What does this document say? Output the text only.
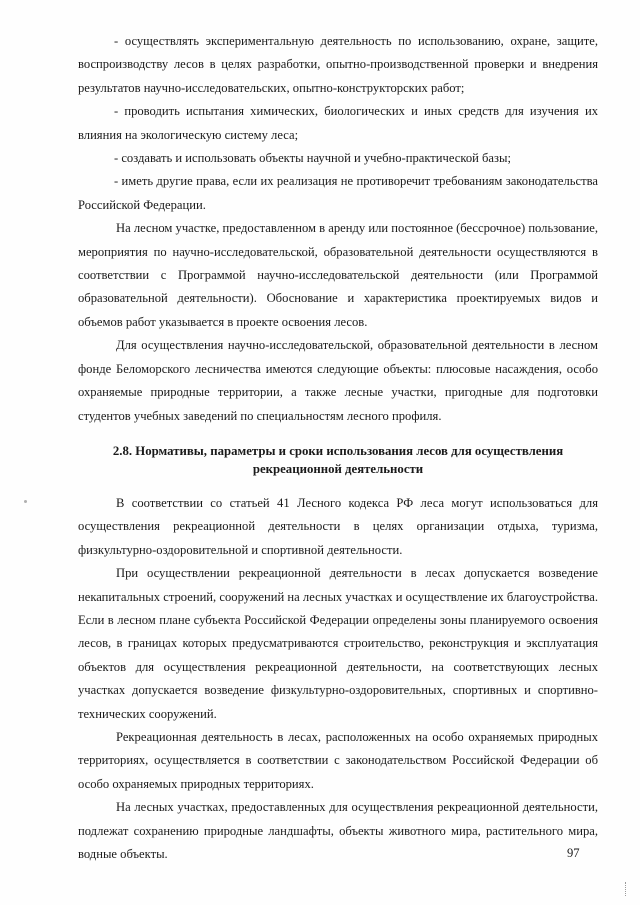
- осуществлять экспериментальную деятельность по использованию, охране, защите, воспроизводству лесов в целях разработки, опытно-производственной проверки и внедрения результатов научно-исследовательских, опытно-конструкторских работ;

- проводить испытания химических, биологических и иных средств для изучения их влияния на экологическую систему леса;

- создавать и использовать объекты научной и учебно-практической базы;

- иметь другие права, если их реализация не противоречит требованиям законодательства Российской Федерации.

На лесном участке, предоставленном в аренду или постоянное (бессрочное) пользование, мероприятия по научно-исследовательской, образовательной деятельности осуществляются в соответствии с Программой научно-исследовательской деятельности (или Программой образовательной деятельности). Обоснование и характеристика проектируемых видов и объемов работ указывается в проекте освоения лесов.

Для осуществления научно-исследовательской, образовательной деятельности в лесном фонде Беломорского лесничества имеются следующие объекты: плюсовые насаждения, особо охраняемые природные территории, а также лесные участки, пригодные для подготовки студентов учебных заведений по специальностям лесного профиля.

2.8. Нормативы, параметры и сроки использования лесов для осуществления
рекреационной деятельности

В соответствии со статьей 41 Лесного кодекса РФ леса могут использоваться для осуществления рекреационной деятельности в целях организации отдыха, туризма, физкультурно-оздоровительной и спортивной деятельности.

При осуществлении рекреационной деятельности в лесах допускается возведение некапитальных строений, сооружений на лесных участках и осуществление их благоустройства. Если в лесном плане субъекта Российской Федерации определены зоны планируемого освоения лесов, в границах которых предусматриваются строительство, реконструкция и эксплуатация объектов для осуществления рекреационной деятельности, на соответствующих лесных участках допускается возведение физкультурно-оздоровительных, спортивных и спортивно-технических сооружений.

Рекреационная деятельность в лесах, расположенных на особо охраняемых природных территориях, осуществляется в соответствии с законодательством Российской Федерации об особо охраняемых природных территориях.

На лесных участках, предоставленных для осуществления рекреационной деятельности, подлежат сохранению природные ландшафты, объекты животного мира, растительного мира, водные объекты.	97
